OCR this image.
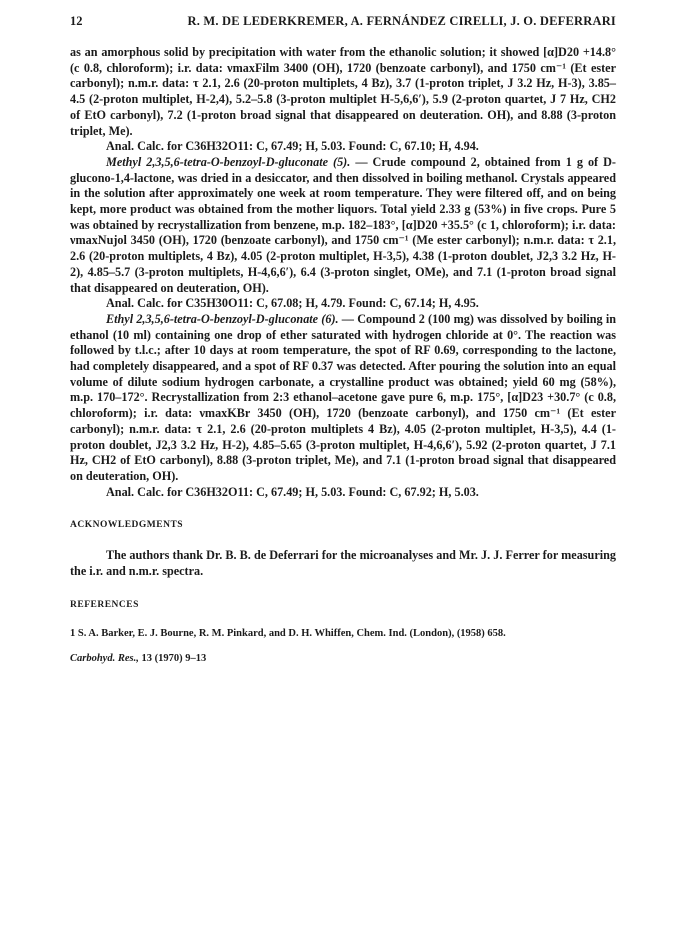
12	R. M. DE LEDERKREMER, A. FERNÁNDEZ CIRELLI, J. O. DEFERRARI

as an amorphous solid by precipitation with water from the ethanolic solution; it showed [α]D20 +14.8° (c 0.8, chloroform); i.r. data: νmaxFilm 3400 (OH), 1720 (benzoate carbonyl), and 1750 cm⁻¹ (Et ester carbonyl); n.m.r. data: τ 2.1, 2.6 (20-proton multiplets, 4 Bz), 3.7 (1-proton triplet, J 3.2 Hz, H-3), 3.85–4.5 (2-proton multiplet, H-2,4), 5.2–5.8 (3-proton multiplet H-5,6,6′), 5.9 (2-proton quartet, J 7 Hz, CH2 of EtO carbonyl), 7.2 (1-proton broad signal that disappeared on deuteration. OH), and 8.88 (3-proton triplet, Me).

Anal. Calc. for C36H32O11: C, 67.49; H, 5.03. Found: C, 67.10; H, 4.94.

Methyl 2,3,5,6-tetra-O-benzoyl-D-gluconate (5). — Crude compound 2, obtained from 1 g of D-glucono-1,4-lactone, was dried in a desiccator, and then dissolved in boiling methanol. Crystals appeared in the solution after approximately one week at room temperature. They were filtered off, and on being kept, more product was obtained from the mother liquors. Total yield 2.33 g (53%) in five crops. Pure 5 was obtained by recrystallization from benzene, m.p. 182–183°, [α]D20 +35.5° (c 1, chloroform); i.r. data: νmaxNujol 3450 (OH), 1720 (benzoate carbonyl), and 1750 cm⁻¹ (Me ester carbonyl); n.m.r. data: τ 2.1, 2.6 (20-proton multiplets, 4 Bz), 4.05 (2-proton multiplet, H-3,5), 4.38 (1-proton doublet, J2,3 3.2 Hz, H-2), 4.85–5.7 (3-proton multiplets, H-4,6,6′), 6.4 (3-proton singlet, OMe), and 7.1 (1-proton broad signal that disappeared on deuteration, OH).

Anal. Calc. for C35H30O11: C, 67.08; H, 4.79. Found: C, 67.14; H, 4.95.

Ethyl 2,3,5,6-tetra-O-benzoyl-D-gluconate (6). — Compound 2 (100 mg) was dissolved by boiling in ethanol (10 ml) containing one drop of ether saturated with hydrogen chloride at 0°. The reaction was followed by t.l.c.; after 10 days at room temperature, the spot of RF 0.69, corresponding to the lactone, had completely disappeared, and a spot of RF 0.37 was detected. After pouring the solution into an equal volume of dilute sodium hydrogen carbonate, a crystalline product was obtained; yield 60 mg (58%), m.p. 170–172°. Recrystallization from 2:3 ethanol–acetone gave pure 6, m.p. 175°, [α]D23 +30.7° (c 0.8, chloroform); i.r. data: νmaxKBr 3450 (OH), 1720 (benzoate carbonyl), and 1750 cm⁻¹ (Et ester carbonyl); n.m.r. data: τ 2.1, 2.6 (20-proton multiplets 4 Bz), 4.05 (2-proton multiplet, H-3,5), 4.4 (1-proton doublet, J2,3 3.2 Hz, H-2), 4.85–5.65 (3-proton multiplet, H-4,6,6′), 5.92 (2-proton quartet, J 7.1 Hz, CH2 of EtO carbonyl), 8.88 (3-proton triplet, Me), and 7.1 (1-proton broad signal that disappeared on deuteration, OH).

Anal. Calc. for C36H32O11: C, 67.49; H, 5.03. Found: C, 67.92; H, 5.03.

ACKNOWLEDGMENTS

The authors thank Dr. B. B. de Deferrari for the microanalyses and Mr. J. J. Ferrer for measuring the i.r. and n.m.r. spectra.

REFERENCES

1 S. A. Barker, E. J. Bourne, R. M. Pinkard, and D. H. Whiffen, Chem. Ind. (London), (1958) 658.

Carbohyd. Res., 13 (1970) 9–13
